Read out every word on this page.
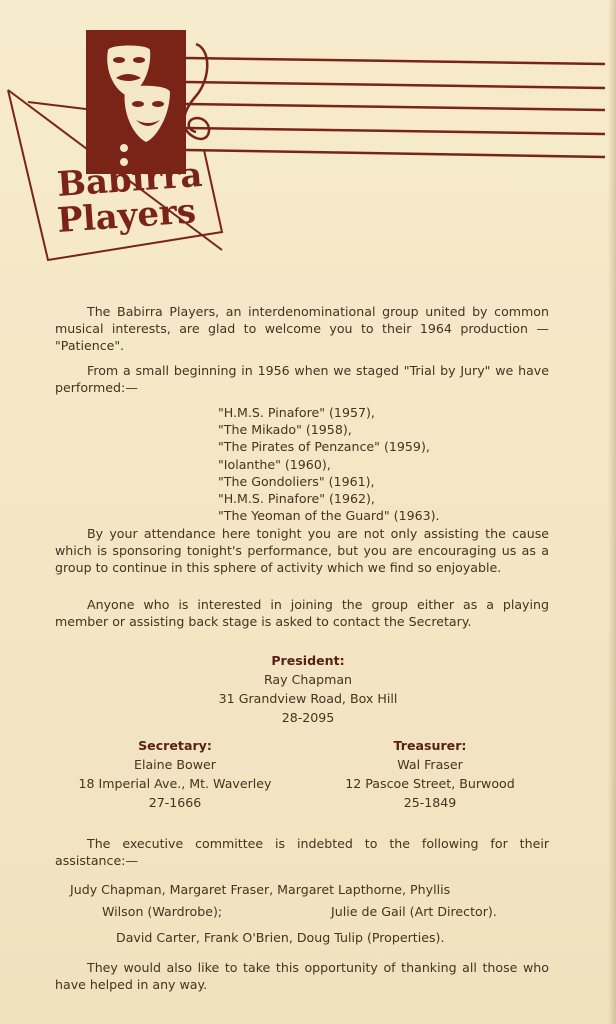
Babirra
Players
The Babirra Players, an interdenominational group united by common musical interests, are glad to welcome you to their 1964 production — "Patience".
From a small beginning in 1956 when we staged "Trial by Jury" we have performed:—
"H.M.S. Pinafore" (1957),
"The Mikado" (1958),
"The Pirates of Penzance" (1959),
"Iolanthe" (1960),
"The Gondoliers" (1961),
"H.M.S. Pinafore" (1962),
"The Yeoman of the Guard" (1963).
By your attendance here tonight you are not only assisting the cause which is sponsoring tonight's performance, but you are encouraging us as a group to continue in this sphere of activity which we find so enjoyable.
Anyone who is interested in joining the group either as a playing member or assisting back stage is asked to contact the Secretary.
President:
Ray Chapman
31 Grandview Road, Box Hill
28-2095
Secretary:
Elaine Bower
18 Imperial Ave., Mt. Waverley
27-1666
Treasurer:
Wal Fraser
12 Pascoe Street, Burwood
25-1849
The executive committee is indebted to the following for their assistance:—
Judy Chapman, Margaret Fraser, Margaret Lapthorne, Phyllis
Wilson (Wardrobe);	Julie de Gail (Art Director).
David Carter, Frank O'Brien, Doug Tulip (Properties).
They would also like to take this opportunity of thanking all those who have helped in any way.
